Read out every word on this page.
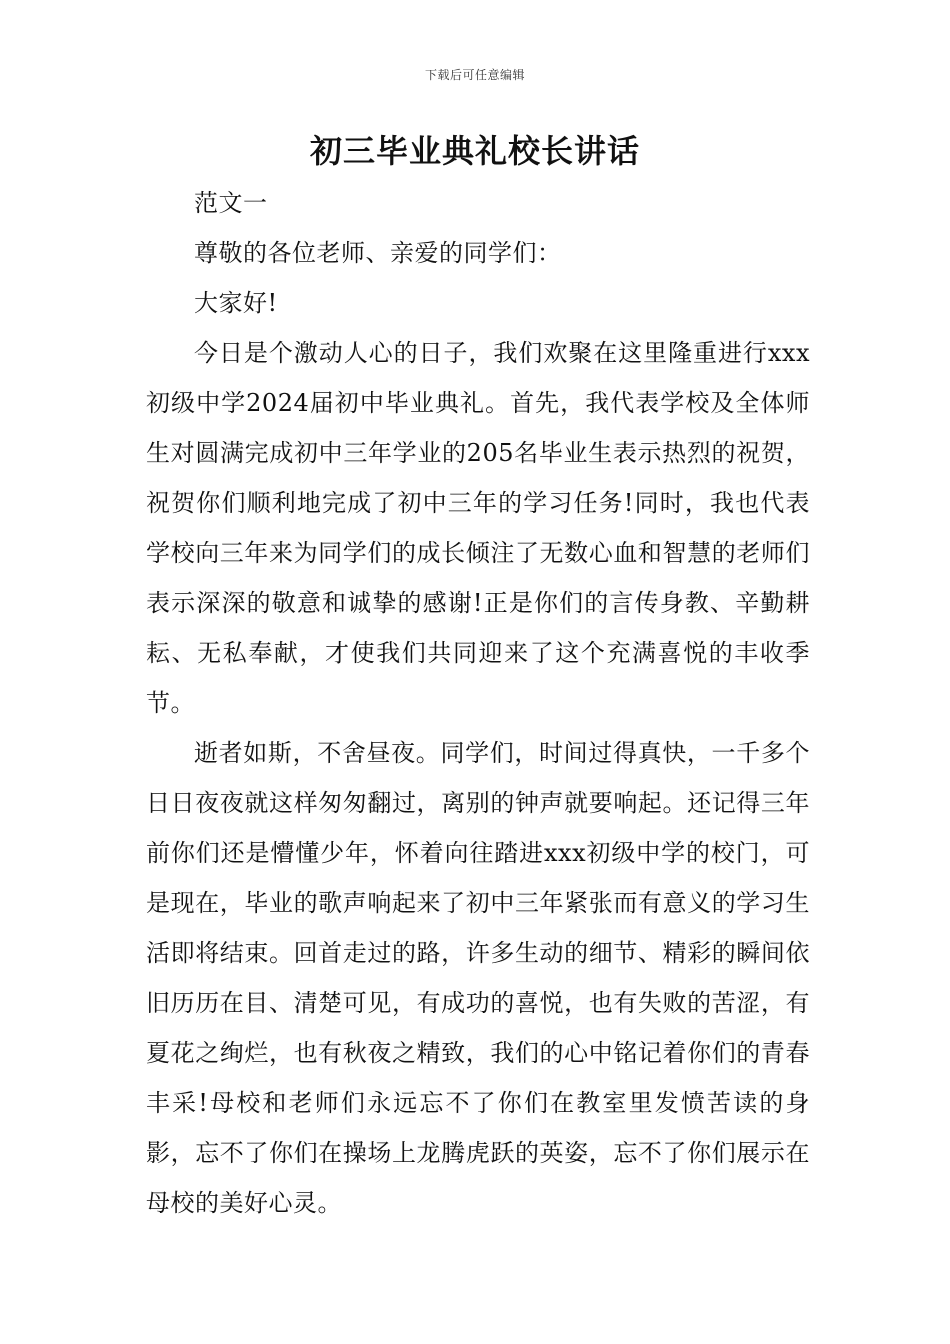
下载后可任意编辑
初三毕业典礼校长讲话

范文一

尊敬的各位老师、亲爱的同学们：

大家好!

今日是个激动人心的日子，我们欢聚在这里隆重进行xxx初级中学2024届初中毕业典礼。首先，我代表学校及全体师生对圆满完成初中三年学业的205名毕业生表示热烈的祝贺，祝贺你们顺利地完成了初中三年的学习任务!同时，我也代表学校向三年来为同学们的成长倾注了无数心血和智慧的老师们表示深深的敬意和诚挚的感谢!正是你们的言传身教、辛勤耕耘、无私奉献，才使我们共同迎来了这个充满喜悦的丰收季节。

逝者如斯，不舍昼夜。同学们，时间过得真快，一千多个日日夜夜就这样匆匆翻过，离别的钟声就要响起。还记得三年前你们还是懵懂少年，怀着向往踏进xxx初级中学的校门，可是现在，毕业的歌声响起来了初中三年紧张而有意义的学习生活即将结束。回首走过的路，许多生动的细节、精彩的瞬间依旧历历在目、清楚可见，有成功的喜悦，也有失败的苦涩，有夏花之绚烂，也有秋夜之精致，我们的心中铭记着你们的青春丰采!母校和老师们永远忘不了你们在教室里发愤苦读的身影，忘不了你们在操场上龙腾虎跃的英姿，忘不了你们展示在母校的美好心灵。
